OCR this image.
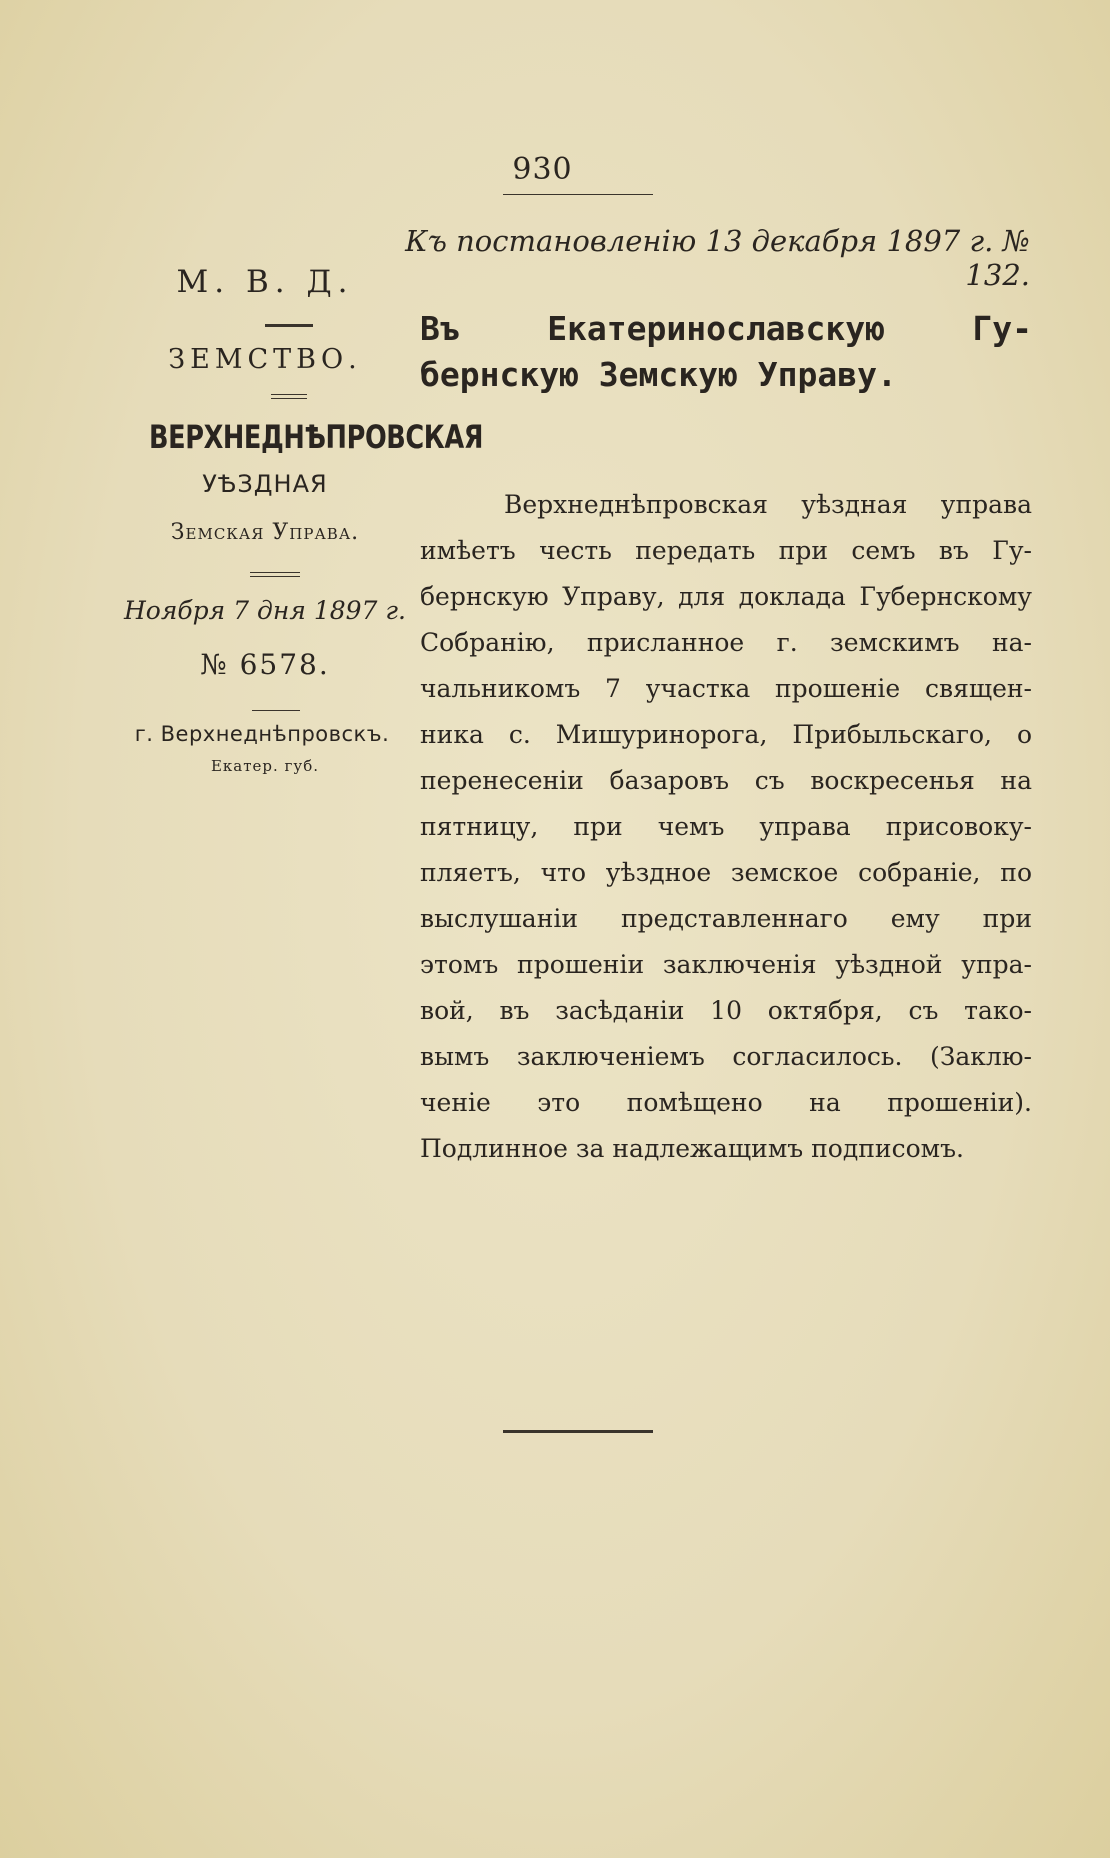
930
Къ постановленію 13 декабря 1897 г. № 132.
М. В. Д.
ЗЕМСТВО.
ВЕРХНЕДНѢПРОВСКАЯ
УѢЗДНАЯ
Земская Управа.
Ноября 7 дня 1897 г.
№ 6578.
г. Верхнеднѣпровскъ.
Екатер. губ.
Въ Екатеринославскую Гу-
бернскую Земскую Управу.
Верхнеднѣпровская уѣздная управа
имѣетъ честь передать при семъ въ Гу-
бернскую Управу, для доклада Губернскому
Собранію, присланное г. земскимъ на-
чальникомъ 7 участка прошеніе священ-
ника с. Мишуринорога, Прибыльскаго, о
перенесеніи базаровъ съ воскресенья на
пятницу, при чемъ управа присовоку-
пляетъ, что уѣздное земское собраніе, по
выслушаніи представленнаго ему при
этомъ прошеніи заключенія уѣздной упра-
вой, въ засѣданіи 10 октября, съ тако-
вымъ заключеніемъ согласилось. (Заклю-
ченіе это помѣщено на прошеніи).
Подлинное за надлежащимъ подписомъ.
